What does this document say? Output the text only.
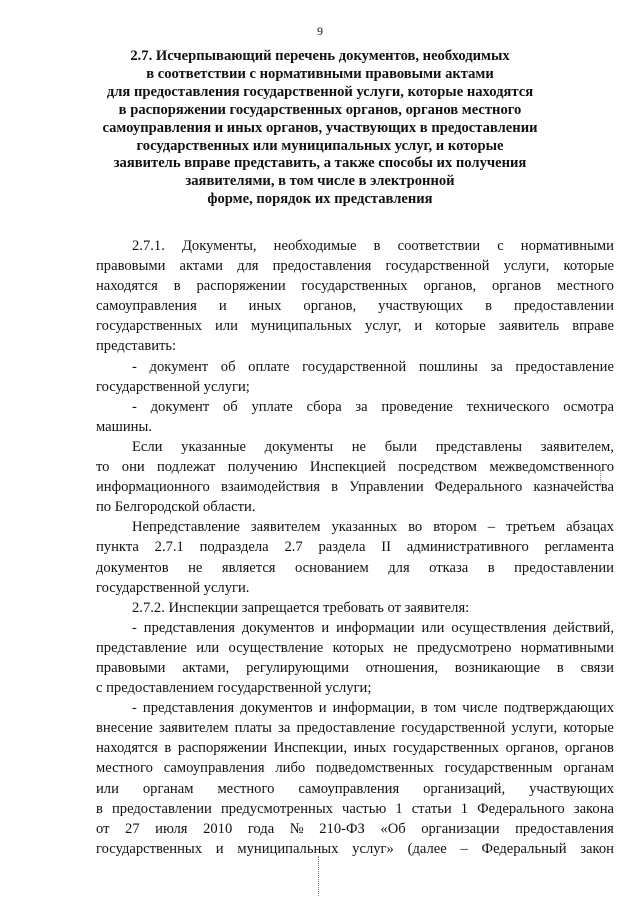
9
2.7. Исчерпывающий перечень документов, необходимых
в соответствии с нормативными правовыми актами
для предоставления государственной услуги, которые находятся
в распоряжении государственных органов, органов местного
самоуправления и иных органов, участвующих в предоставлении
государственных или муниципальных услуг, и которые
заявитель вправе представить, а также способы их получения
заявителями, в том числе в электронной
форме, порядок их представления
2.7.1. Документы, необходимые в соответствии с нормативными
правовыми актами для предоставления государственной услуги, которые
находятся в распоряжении государственных органов, органов местного
самоуправления и иных органов, участвующих в предоставлении
государственных или муниципальных услуг, и которые заявитель вправе
представить:
- документ об оплате государственной пошлины за предоставление
государственной услуги;
- документ об уплате сбора за проведение технического осмотра
машины.
Если указанные документы не были представлены заявителем,
то они подлежат получению Инспекцией посредством межведомственного
информационного взаимодействия в Управлении Федерального казначейства
по Белгородской области.
Непредставление заявителем указанных во втором – третьем абзацах
пункта 2.7.1 подраздела 2.7 раздела II административного регламента
документов не является основанием для отказа в предоставлении
государственной услуги.
2.7.2. Инспекции запрещается требовать от заявителя:
- представления документов и информации или осуществления действий,
представление или осуществление которых не предусмотрено нормативными
правовыми актами, регулирующими отношения, возникающие в связи
с предоставлением государственной услуги;
- представления документов и информации, в том числе подтверждающих
внесение заявителем платы за предоставление государственной услуги, которые
находятся в распоряжении Инспекции, иных государственных органов, органов
местного самоуправления либо подведомственных государственным органам
или органам местного самоуправления организаций, участвующих
в предоставлении предусмотренных частью 1 статьи 1 Федерального закона
от 27 июля 2010 года № 210-ФЗ «Об организации предоставления
государственных и муниципальных услуг» (далее – Федеральный закон
